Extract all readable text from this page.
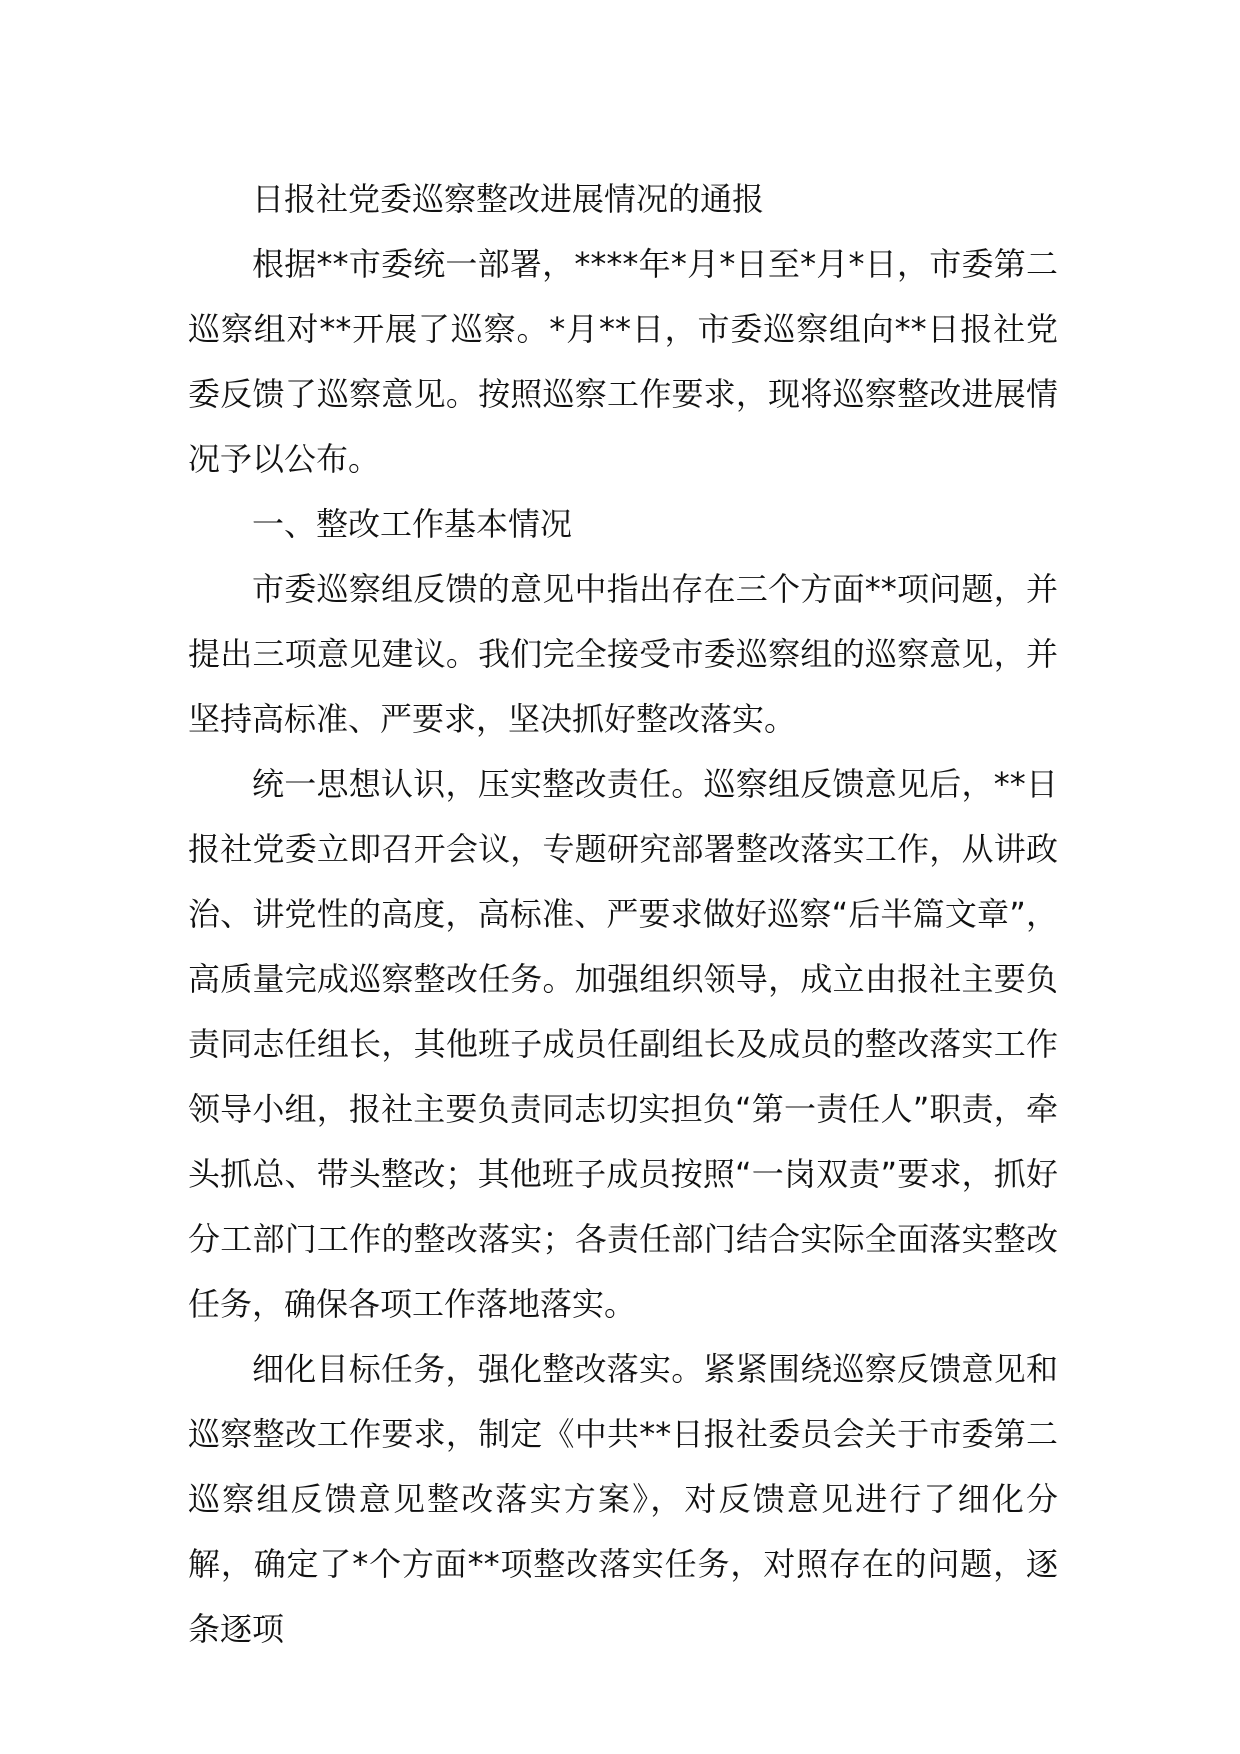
日报社党委巡察整改进展情况的通报

根据**市委统一部署，****年*月*日至*月*日，市委第二巡察组对**开展了巡察。*月**日，市委巡察组向**日报社党委反馈了巡察意见。按照巡察工作要求，现将巡察整改进展情况予以公布。

一、整改工作基本情况

市委巡察组反馈的意见中指出存在三个方面**项问题，并提出三项意见建议。我们完全接受市委巡察组的巡察意见，并坚持高标准、严要求，坚决抓好整改落实。

统一思想认识，压实整改责任。巡察组反馈意见后，**日报社党委立即召开会议，专题研究部署整改落实工作，从讲政治、讲党性的高度，高标准、严要求做好巡察“后半篇文章”，高质量完成巡察整改任务。加强组织领导，成立由报社主要负责同志任组长，其他班子成员任副组长及成员的整改落实工作领导小组，报社主要负责同志切实担负“第一责任人”职责，牵头抓总、带头整改；其他班子成员按照“一岗双责”要求，抓好分工部门工作的整改落实；各责任部门结合实际全面落实整改任务，确保各项工作落地落实。

细化目标任务，强化整改落实。紧紧围绕巡察反馈意见和巡察整改工作要求，制定《中共**日报社委员会关于市委第二巡察组反馈意见整改落实方案》，对反馈意见进行了细化分解，确定了*个方面**项整改落实任务，对照存在的问题，逐条逐项
